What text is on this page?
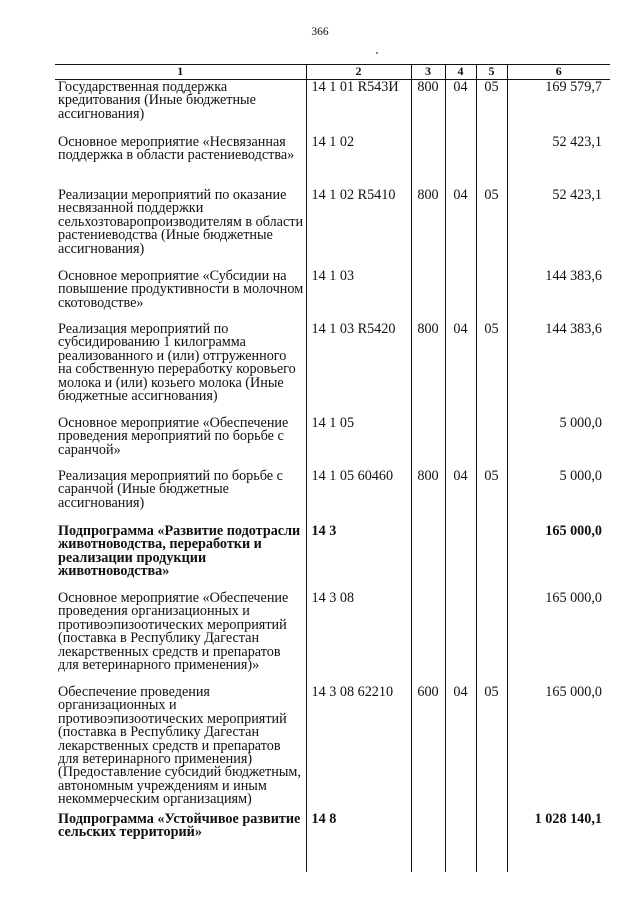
366
1	2	3	4	5	6
Государственная поддержка кредитования (Иные бюджетные ассигнования)	14 1 01 R543И	800	04	05	169 579,7
Основное мероприятие «Несвязанная поддержка в области растениеводства»	14 1 02				52 423,1
Реализации мероприятий по оказание несвязанной поддержки сельхозтоваропроизводителям в области растениеводства (Иные бюджетные ассигнования)	14 1 02 R5410	800	04	05	52 423,1
Основное мероприятие «Субсидии на повышение продуктивности в молочном скотоводстве»	14 1 03				144 383,6
Реализация мероприятий по субсидированию 1 килограмма реализованного и (или) отгруженного на собственную переработку коровьего молока и (или) козьего молока (Иные бюджетные ассигнования)	14 1 03 R5420	800	04	05	144 383,6
Основное мероприятие «Обеспечение проведения мероприятий по борьбе с саранчой»	14 1 05				5 000,0
Реализация мероприятий по борьбе с саранчой (Иные бюджетные ассигнования)	14 1 05 60460	800	04	05	5 000,0
Подпрограмма «Развитие подотрасли животноводства, переработки и реализации продукции животноводства»	14 3				165 000,0
Основное мероприятие «Обеспечение проведения организационных и противоэпизоотических мероприятий (поставка в Республику Дагестан лекарственных средств и препаратов для ветеринарного применения)»	14 3 08				165 000,0
Обеспечение проведения организационных и противоэпизоотических мероприятий (поставка в Республику Дагестан лекарственных средств и препаратов для ветеринарного применения) (Предоставление субсидий бюджетным, автономным учреждениям и иным некоммерческим организациям)	14 3 08 62210	600	04	05	165 000,0
Подпрограмма «Устойчивое развитие сельских территорий»	14 8				1 028 140,1
